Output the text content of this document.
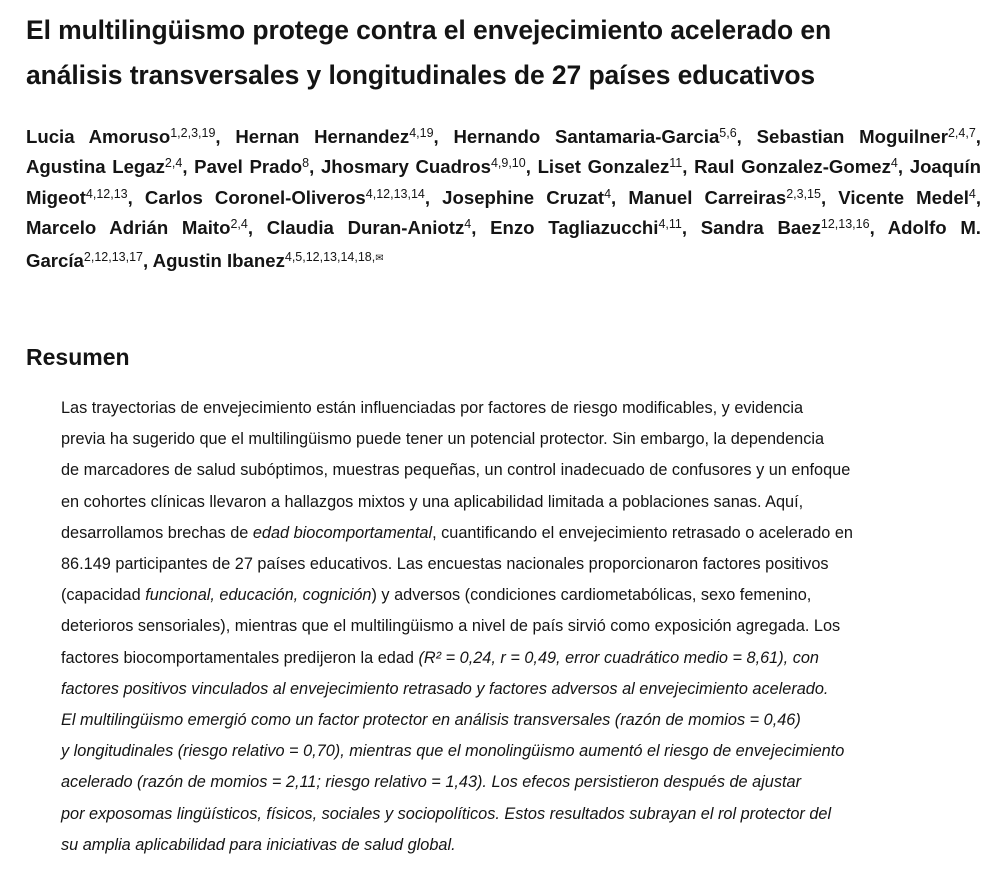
El multilingüismo protege contra el envejecimiento acelerado en
análisis transversales y longitudinales de 27 países educativos

Lucia Amoruso$^{1,2,3,19}$, Hernan Hernandez$^{4,19}$, Hernando Santamaria-Garcia$^{5,6}$, Sebastian Moguilner$^{2,4,7}$, Agustina Legaz$^{2,4}$, Pavel Prado$^8$, Jhosmary Cuadros$^{4,9,10}$, Liset Gonzalez$^{11}$, Raul Gonzalez-Gomez$^4$, Joaquín Migeot$^{4,12,13}$, Carlos Coronel-Oliveros$^{4,12,13,14}$, Josephine Cruzat$^4$, Manuel Carreiras$^{2,3,15}$, Vicente Medel$^4$, Marcelo Adrián Maito$^{2,4}$, Claudia Duran-Aniotz$^4$, Enzo Tagliazucchi$^{4,11}$, Sandra Baez$^{12,13,16}$, Adolfo M. García$^{2,12,13,17}$, Agustin Ibanez$^{4,5,12,13,14,18,✉}$

Resumen
Las trayectorias de envejecimiento están influenciadas por factores de riesgo modificables, y evidencia
previa ha sugerido que el multilingüismo puede tener un potencial protector. Sin embargo, la dependencia
de marcadores de salud subóptimos, muestras pequeñas, un control inadecuado de confusores y un enfoque
en cohortes clínicas llevaron a hallazgos mixtos y una aplicabilidad limitada a poblaciones sanas. Aquí,
desarrollamos brechas de edad biocomportamental, cuantificando el envejecimiento retrasado o acelerado en
86.149 participantes de 27 países educativos. Las encuestas nacionales proporcionaron factores positivos
(capacidad funcional, educación, cognición) y adversos (condiciones cardiometabólicas, sexo femenino,
deterioros sensoriales), mientras que el multilingüismo a nivel de país sirvió como exposición agregada. Los
factores biocomportamentales predijeron la edad (R² = 0,24, r = 0,49, error cuadrático medio = 8,61), con
factores positivos vinculados al envejecimiento retrasado y factores adversos al envejecimiento acelerado.
El multilingüismo emergió como un factor protector en análisis transversales (razón de momios = 0,46)
y longitudinales (riesgo relativo = 0,70), mientras que el monolingüismo aumentó el riesgo de envejecimiento
acelerado (razón de momios = 2,11; riesgo relativo = 1,43). Los efecos persistieron después de ajustar
por exposomas lingüísticos, físicos, sociales y sociopolíticos. Estos resultados subrayan el rol protector del
su amplia aplicabilidad para iniciativas de salud global.
